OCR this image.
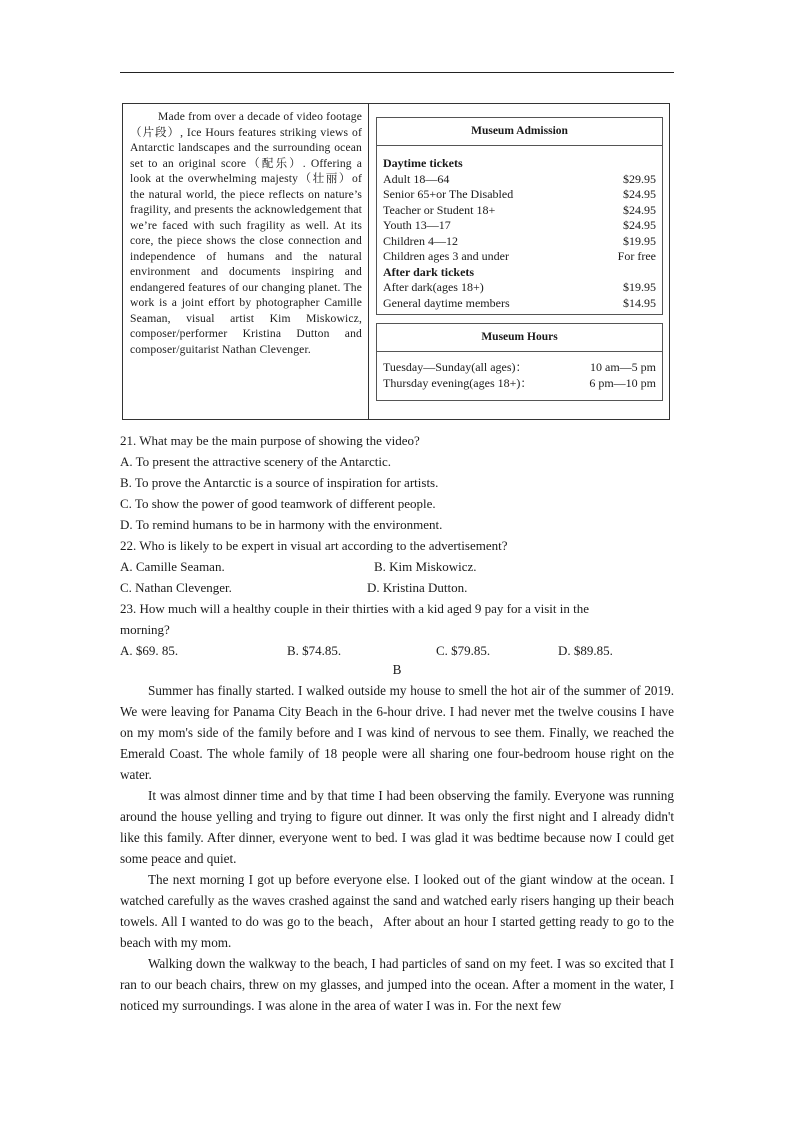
Made from over a decade of video footage（片段）, Ice Hours features striking views of Antarctic landscapes and the surrounding ocean set to an original score（配乐）. Offering a look at the overwhelming majesty（壮丽）of the natural world, the piece reflects on nature’s fragility, and presents the acknowledgement that we’re faced with such fragility as well. At its core, the piece shows the close connection and independence of humans and the natural environment and documents inspiring and endangered features of our changing planet. The work is a joint effort by photographer Camille Seaman, visual artist Kim Miskowicz, composer/performer Kristina Dutton and composer/guitarist Nathan Clevenger.

Museum Admission
Daytime tickets
Adult 18—64	$29.95
Senior 65+or The Disabled	$24.95
Teacher or Student 18+	$24.95
Youth 13—17	$24.95
Children 4—12	$19.95
Children ages 3 and under	For free
After dark tickets
After dark(ages 18+)	$19.95
General daytime members	$14.95
Museum Hours
Tuesday—Sunday(all ages)：	10 am—5 pm
Thursday evening(ages 18+)：	6 pm—10 pm
21. What may be the main purpose of showing the video?
A. To present the attractive scenery of the Antarctic.
B. To prove the Antarctic is a source of inspiration for artists.
C. To show the power of good teamwork of different people.
D. To remind humans to be in harmony with the environment.
22. Who is likely to be expert in visual art according to the advertisement?
A. Camille Seaman.	B. Kim Miskowicz.
C. Nathan Clevenger.	D. Kristina Dutton.
23. How much will a healthy couple in their thirties with a kid aged 9 pay for a visit in the
morning?
A. $69. 85.	B. $74.85.	C. $79.85.	D. $89.85.
B

Summer has finally started. I walked outside my house to smell the hot air of the summer of 2019. We were leaving for Panama City Beach in the 6-hour drive. I had never met the twelve cousins I have on my mom's side of the family before and I was kind of nervous to see them. Finally, we reached the Emerald Coast. The whole family of 18 people were all sharing one four-bedroom house right on the water.

It was almost dinner time and by that time I had been observing the family. Everyone was running around the house yelling and trying to figure out dinner. It was only the first night and I already didn't like this family. After dinner, everyone went to bed. I was glad it was bedtime because now I could get some peace and quiet.

The next morning I got up before everyone else. I looked out of the giant window at the ocean. I watched carefully as the waves crashed against the sand and watched early risers hanging up their beach towels. All I wanted to do was go to the beach，After about an hour I started getting ready to go to the beach with my mom.

Walking down the walkway to the beach, I had particles of sand on my feet. I was so excited that I ran to our beach chairs, threw on my glasses, and jumped into the ocean. After a moment in the water, I noticed my surroundings. I was alone in the area of water I was in. For the next few
